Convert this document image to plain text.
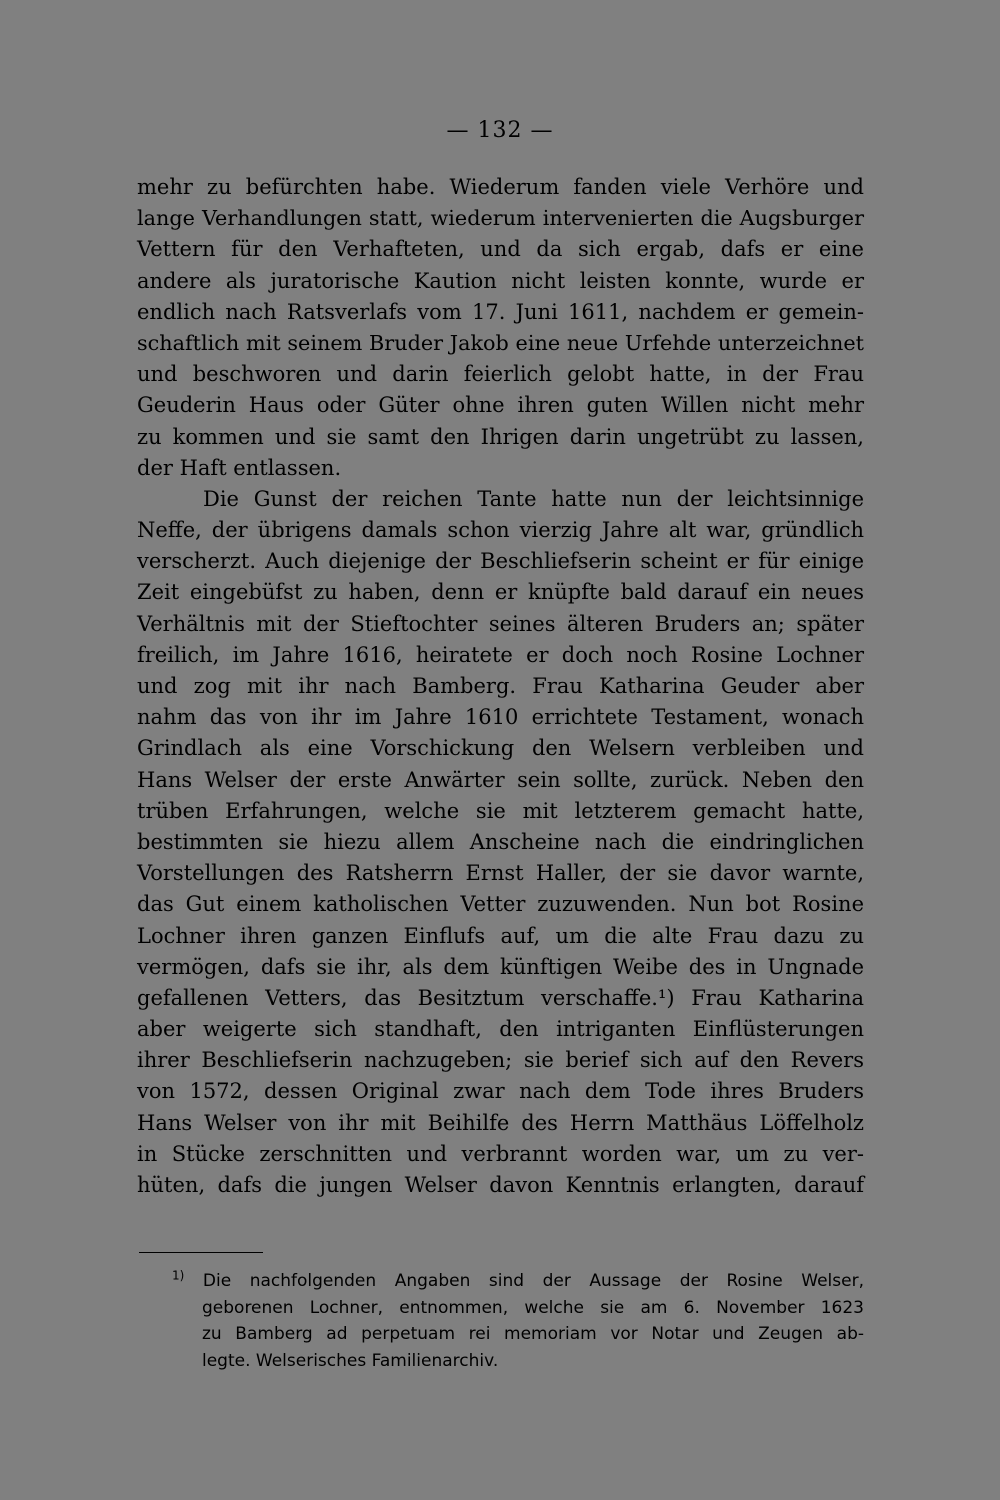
— 132 —
mehr zu befürchten habe. Wiederum fanden viele Verhöre und
lange Verhandlungen statt, wiederum intervenierten die Augsburger
Vettern für den Verhafteten, und da sich ergab, dafs er eine
andere als juratorische Kaution nicht leisten konnte, wurde er
endlich nach Ratsverlafs vom 17. Juni 1611, nachdem er gemein-
schaftlich mit seinem Bruder Jakob eine neue Urfehde unterzeichnet
und beschworen und darin feierlich gelobt hatte, in der Frau
Geuderin Haus oder Güter ohne ihren guten Willen nicht mehr
zu kommen und sie samt den Ihrigen darin ungetrübt zu lassen,
der Haft entlassen.
Die Gunst der reichen Tante hatte nun der leichtsinnige
Neffe, der übrigens damals schon vierzig Jahre alt war, gründlich
verscherzt. Auch diejenige der Beschliefserin scheint er für einige
Zeit eingebüfst zu haben, denn er knüpfte bald darauf ein neues
Verhältnis mit der Stieftochter seines älteren Bruders an; später
freilich, im Jahre 1616, heiratete er doch noch Rosine Lochner
und zog mit ihr nach Bamberg. Frau Katharina Geuder aber
nahm das von ihr im Jahre 1610 errichtete Testament, wonach
Grindlach als eine Vorschickung den Welsern verbleiben und
Hans Welser der erste Anwärter sein sollte, zurück. Neben den
trüben Erfahrungen, welche sie mit letzterem gemacht hatte,
bestimmten sie hiezu allem Anscheine nach die eindringlichen
Vorstellungen des Ratsherrn Ernst Haller, der sie davor warnte,
das Gut einem katholischen Vetter zuzuwenden. Nun bot Rosine
Lochner ihren ganzen Einflufs auf, um die alte Frau dazu zu
vermögen, dafs sie ihr, als dem künftigen Weibe des in Ungnade
gefallenen Vetters, das Besitztum verschaffe.¹) Frau Katharina
aber weigerte sich standhaft, den intriganten Einflüsterungen
ihrer Beschliefserin nachzugeben; sie berief sich auf den Revers
von 1572, dessen Original zwar nach dem Tode ihres Bruders
Hans Welser von ihr mit Beihilfe des Herrn Matthäus Löffelholz
in Stücke zerschnitten und verbrannt worden war, um zu ver-
hüten, dafs die jungen Welser davon Kenntnis erlangten, darauf
$^{1)}$ Die nachfolgenden Angaben sind der Aussage der Rosine Welser,
geborenen Lochner, entnommen, welche sie am 6. November 1623
zu Bamberg ad perpetuam rei memoriam vor Notar und Zeugen ab-
legte. Welserisches Familienarchiv.
